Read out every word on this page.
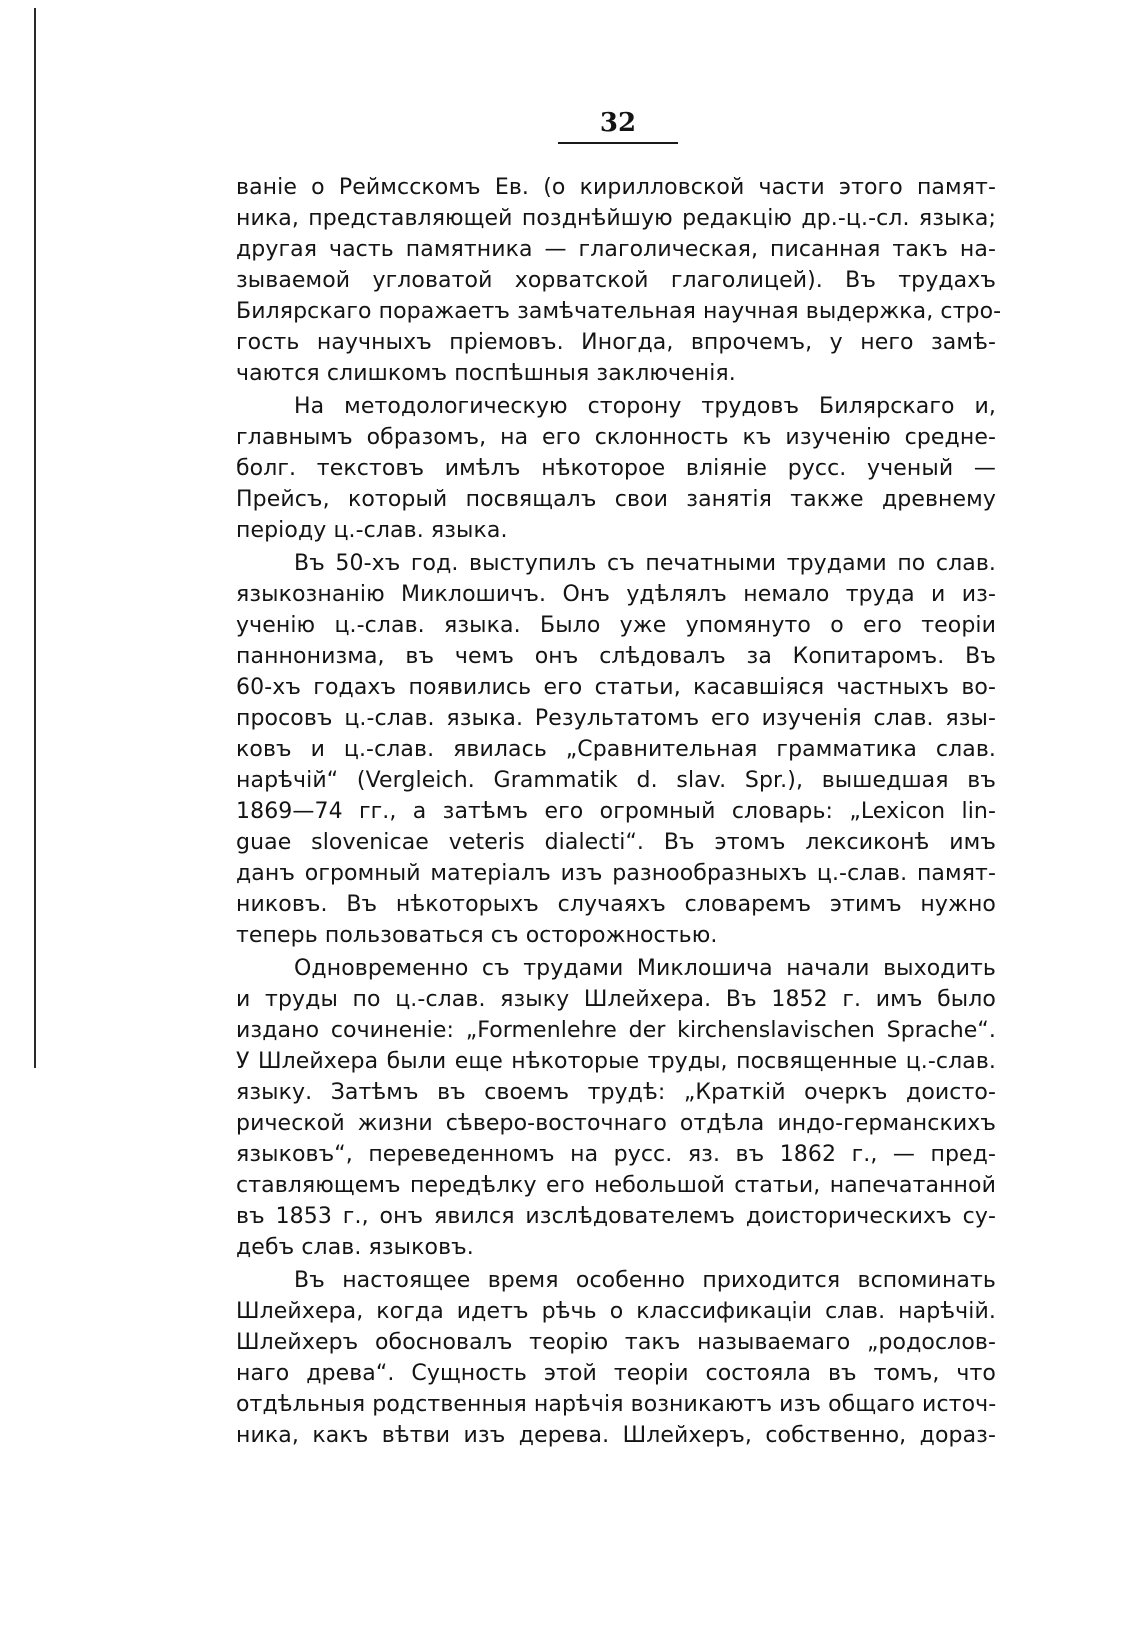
32

ваніе о Реймсскомъ Ев. (о кирилловской части этого памят-
ника, представляющей позднѣйшую редакцію др.-ц.-сл. языка;
другая часть памятника — глаголическая, писанная такъ на-
зываемой угловатой хорватской глаголицей). Въ трудахъ
Билярскаго поражаетъ замѣчательная научная выдержка, стро-
гость научныхъ пріемовъ. Иногда, впрочемъ, у него замѣ-
чаются слишкомъ поспѣшныя заключенія.
На методологическую сторону трудовъ Билярскаго и,
главнымъ образомъ, на его склонность къ изученію средне-
болг. текстовъ имѣлъ нѣкоторое вліяніе русс. ученый —
Прейсъ, который посвящалъ свои занятія также древнему
періоду ц.-слав. языка.
Въ 50-хъ год. выступилъ съ печатными трудами по слав.
языкознанію Миклошичъ. Онъ удѣлялъ немало труда и из-
ученію ц.-слав. языка. Было уже упомянуто о его теоріи
паннонизма, въ чемъ онъ слѣдовалъ за Копитаромъ. Въ
60-хъ годахъ появились его статьи, касавшіяся частныхъ во-
просовъ ц.-слав. языка. Результатомъ его изученія слав. язы-
ковъ и ц.-слав. явилась „Сравнительная грамматика слав.
нарѣчій“ (Vergleich. Grammatik d. slav. Spr.), вышедшая въ
1869—74 гг., а затѣмъ его огромный словарь: „Lexicon lin-
guae slovenicae veteris dialecti“. Въ этомъ лексиконѣ имъ
данъ огромный матеріалъ изъ разнообразныхъ ц.-слав. памят-
никовъ. Въ нѣкоторыхъ случаяхъ словаремъ этимъ нужно
теперь пользоваться съ осторожностью.
Одновременно съ трудами Миклошича начали выходить
и труды по ц.-слав. языку Шлейхера. Въ 1852 г. имъ было
издано сочиненіе: „Formenlehre der kirchenslavischen Sprache“.
У Шлейхера были еще нѣкоторые труды, посвященные ц.-слав.
языку. Затѣмъ въ своемъ трудѣ: „Краткій очеркъ доисто-
рической жизни сѣверо-восточнаго отдѣла индо-германскихъ
языковъ“, переведенномъ на русс. яз. въ 1862 г., — пред-
ставляющемъ передѣлку его небольшой статьи, напечатанной
въ 1853 г., онъ явился изслѣдователемъ доисторическихъ су-
дебъ слав. языковъ.
Въ настоящее время особенно приходится вспоминать
Шлейхера, когда идетъ рѣчь о классификаціи слав. нарѣчій.
Шлейхеръ обосновалъ теорію такъ называемаго „родослов-
наго древа“. Сущность этой теоріи состояла въ томъ, что
отдѣльныя родственныя нарѣчія возникаютъ изъ общаго источ-
ника, какъ вѣтви изъ дерева. Шлейхеръ, собственно, дораз-
